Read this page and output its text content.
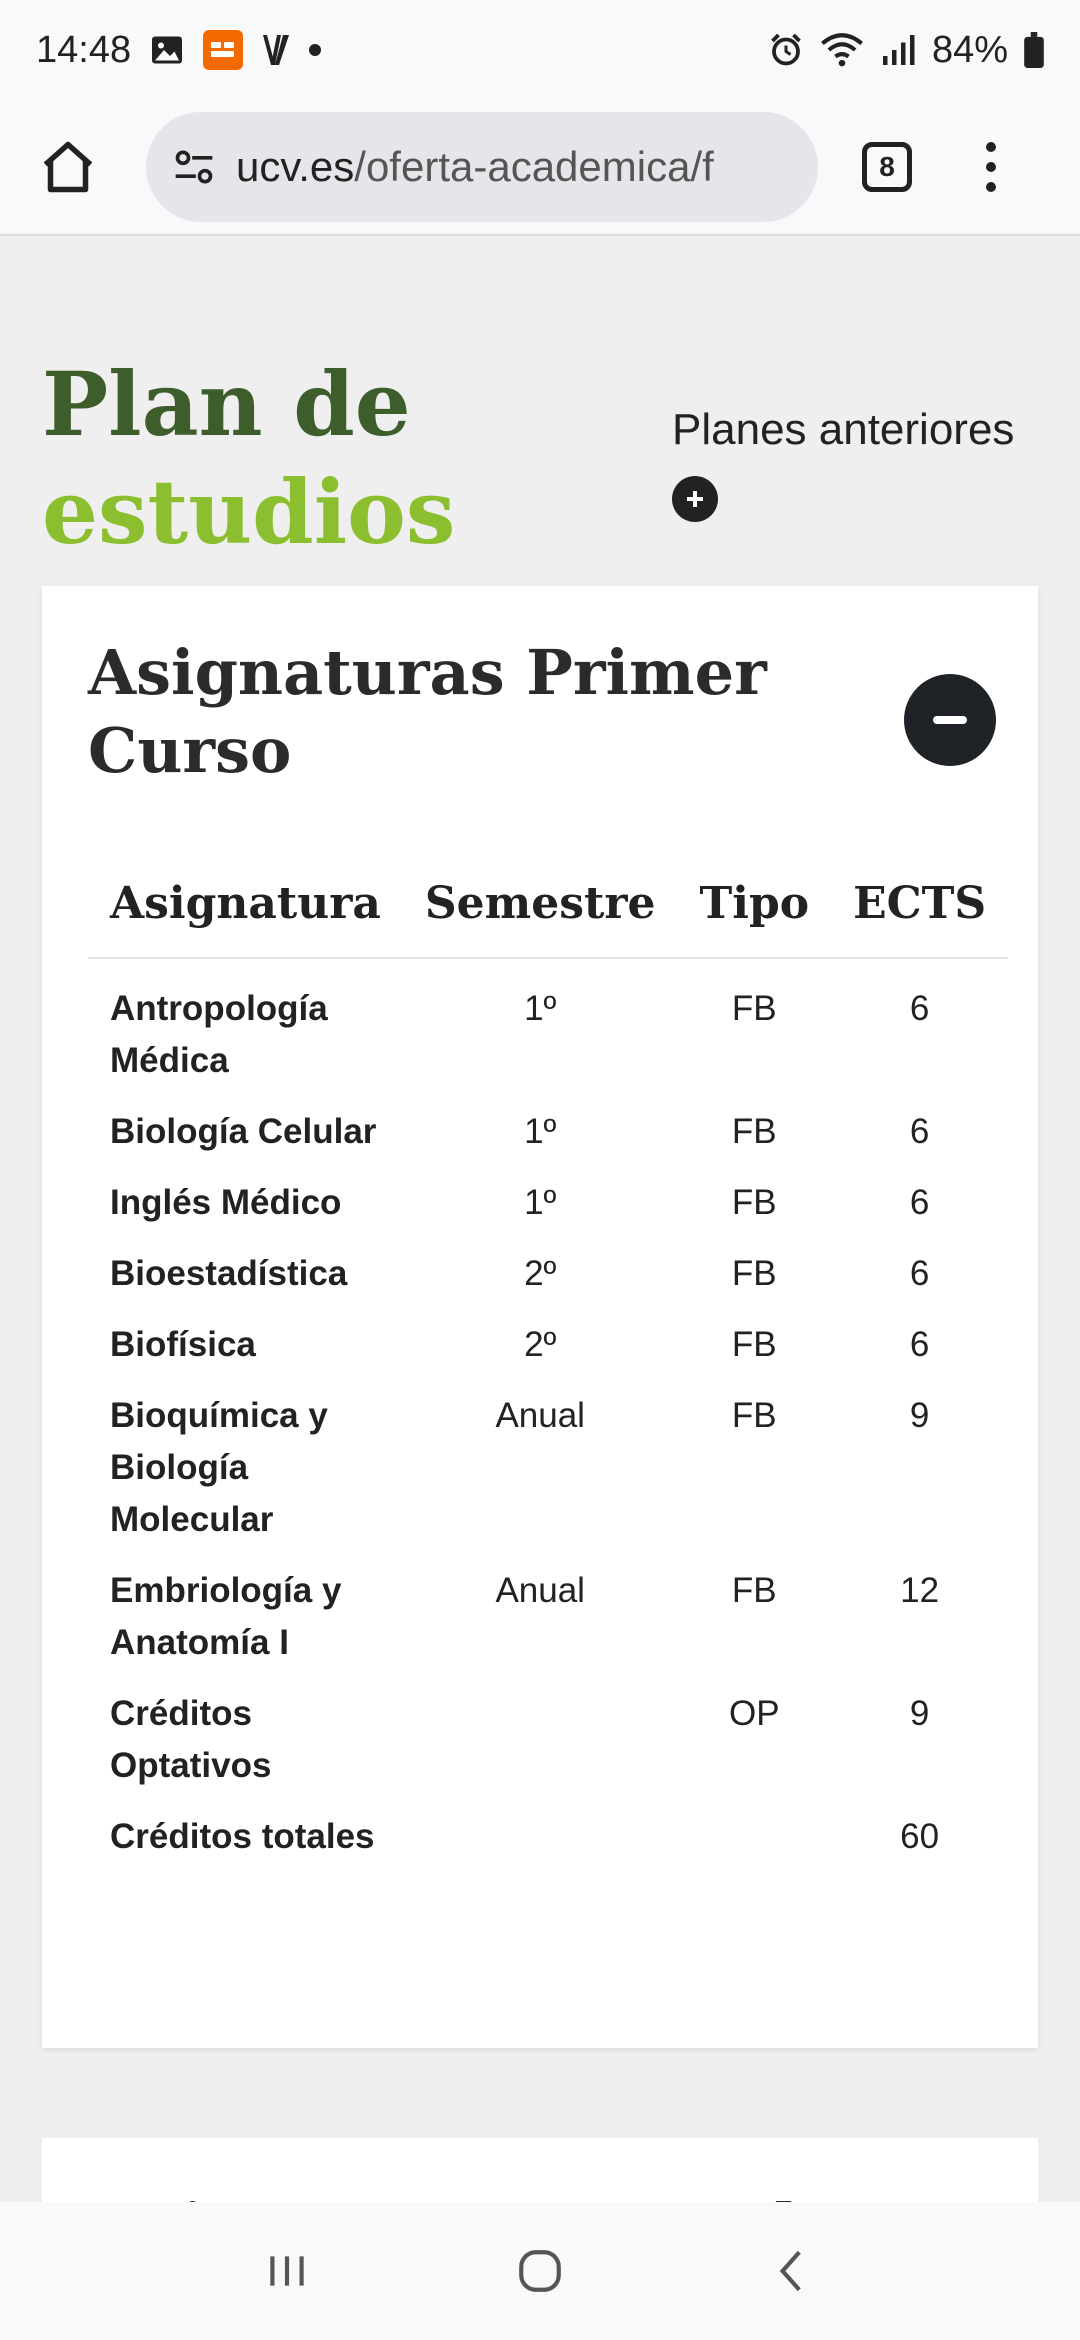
14:48	84%
ucv.es/oferta-academica/f	8
Plan de
estudios
Planes anteriores
Asignaturas Primer Curso
Asignatura	Semestre	Tipo	ECTS
Antropología Médica	1º	FB	6
Biología Celular	1º	FB	6
Inglés Médico	1º	FB	6
Bioestadística	2º	FB	6
Biofísica	2º	FB	6
Bioquímica y Biología Molecular	Anual	FB	9
Embriología y Anatomía I	Anual	FB	12
Créditos Optativos		OP	9
Créditos totales			60
